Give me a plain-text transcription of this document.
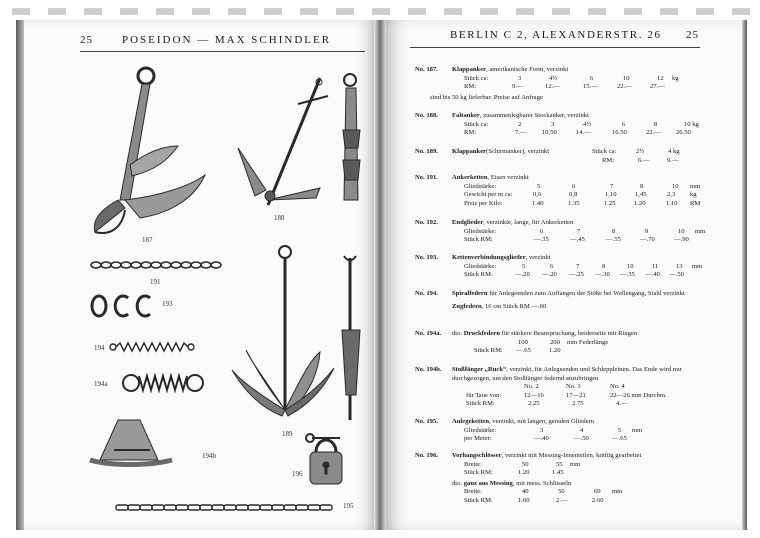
25	POSEIDON — MAX SCHINDLER	BERLIN C 2, ALEXANDERSTR. 26 25
187
188
191
193
194
194a
194b
189
196
195
No. 187. Klappanker, amerikanische Form, verzinkt
Stück ca:	3	4½	6	10	12 kg
RM:	9.—	12.—	15.—	22.—	27.—
sind bis 50 kg lieferbar. Preise auf Anfrage
No. 188. Faltanker, zusammenlegbarer Stockanker, verzinkt
Stück ca:	2	3	4½	6	8	10 kg
RM:	7.— 10.50	14.—	16.50	22.— 26.50
No. 189. Klappanker (Schirmanker), verzinkt	Stück ca:	2½	4 kg
RM:	6.—	9.—
No. 191. Ankerketten, Eisen verzinkt
Gliedstärke:	5	6	7	8	10 mm
Gewicht per m ca:	0,6	0,8	1,10	1,45	2,3 kg
Preis per Kilo:	1.40	1.35	1.25	1.20	1.10 RM
No. 192. Endglieder, verzinkte, lange, für Ankerketten
Gliedstärke:	6	7	8	9	10 mm
Stück RM:	—.35	—.45	—.55	—.70	—.90
No. 193. Kettenverbindungsglieder, verzinkt
Gliedstärke:	5	6	7	8	10	11	13 mm
Stück RM:	—.20 —.20 —.25 —.30 —.35 —.40 —.50
No. 194. Spiralfedern für Anlegeenden zum Auffangen der Stöße bei Wellengang, Stahl verzinkt
Zugfedern, 16 cm Stück RM —.60
No. 194a. dto. Druckfedern für stärkere Beanspruchung, beiderseits mit Ringen
100	200 mm Federlänge
Stück RM: —.65	1.20
No. 194b. Stoßfänger „Ruck“, verzinkt, für Anlegeenden und Schleppleinen. Das Ende wird nur durchgezogen, um den Stoßfänger federnd anzubringen
No. 2	No. 3	No. 4
für Taue von:	12—16	17—21	22—26 mm Durchm.
Stück RM:	2.25	2.75	4.—
No. 195. Anlegeketten, verzinkt, mit langen, geraden Gliedern
Gliedstärke:	3	4	5 mm
per Meter:	—.40	—.50	—.65
No. 196. Vorhangschlösser, verzinkt mit Messing-Innenteilen, kräftig gearbeitet
Breite:	50	55 mm
Stück RM:	1.20	1.45
dto. ganz aus Messing, mit mess. Schlüsseln
Breite:	40	50	60 mm
Stück RM:	1.60	2.—	2.60
